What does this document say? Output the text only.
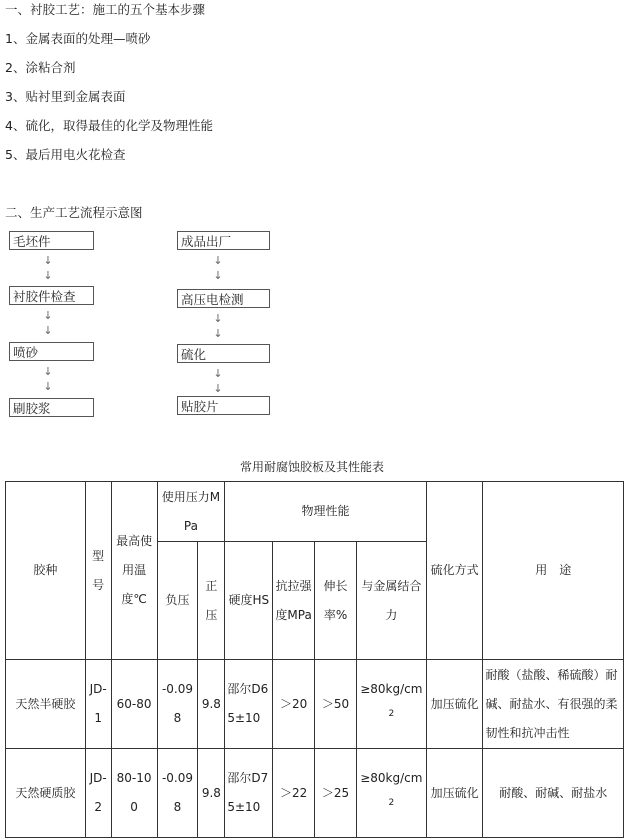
一、衬胶工艺：施工的五个基本步骤
1、金属表面的处理—喷砂
2、涂粘合剂
3、贴衬里到金属表面
4、硫化，取得最佳的化学及物理性能
5、最后用电火花检查
二、生产工艺流程示意图
毛坯件
↓
↓
衬胶件检查
↓
↓
喷砂
↓
↓
刷胶浆
成品出厂
↓
↓
高压电检测
↓
↓
硫化
↓
↓
贴胶片
常用耐腐蚀胶板及其性能表
胶种	型号	最高使用温度℃	使用压力MPa		物理性能				硫化方式	用　途
			负压	正压	硬度HS	抗拉强度MPa	伸长率%	与金属结合力		
天然半硬胶	JD-1	60-80	-0.098	9.8	邵尔D65±10	＞20	＞50	$\ge 80kg/cm^2$	加压硫化	耐酸（盐酸、稀硫酸）耐碱、耐盐水、有很强的柔韧性和抗冲击性
天然硬质胶	JD-2	80-100	-0.098	9.8	邵尔D75±10	＞22	＞25	$\ge 80kg/cm^2$	加压硫化	耐酸、耐碱、耐盐水
